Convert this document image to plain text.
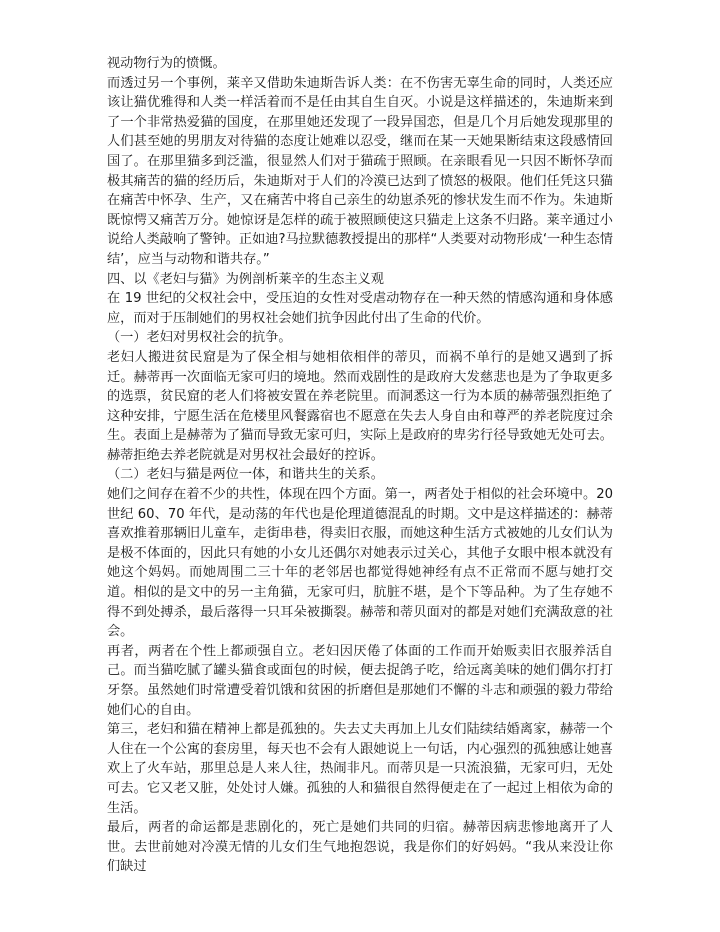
视动物行为的愤慨。

而透过另一个事例，莱辛又借助朱迪斯告诉人类：在不伤害无辜生命的同时，人类还应该让猫优雅得和人类一样活着而不是任由其自生自灭。小说是这样描述的，朱迪斯来到了一个非常热爱猫的国度，在那里她还发现了一段异国恋，但是几个月后她发现那里的人们甚至她的男朋友对待猫的态度让她难以忍受，继而在某一天她果断结束这段感情回国了。在那里猫多到泛滥，很显然人们对于猫疏于照顾。在亲眼看见一只因不断怀孕而极其痛苦的猫的经历后，朱迪斯对于人们的冷漠已达到了愤怒的极限。他们任凭这只猫在痛苦中怀孕、生产，又在痛苦中将自己亲生的幼崽杀死的惨状发生而不作为。朱迪斯既惊愕又痛苦万分。她惊讶是怎样的疏于被照顾使这只猫走上这条不归路。莱辛通过小说给人类敲响了警钟。正如迪?马拉默德教授提出的那样“人类要对动物形成‘一种生态情结’，应当与动物和谐共存。”

四、以《老妇与猫》为例剖析莱辛的生态主义观

在 19 世纪的父权社会中，受压迫的女性对受虐动物存在一种天然的情感沟通和身体感应，而对于压制她们的男权社会她们抗争因此付出了生命的代价。

（一）老妇对男权社会的抗争。

老妇人搬进贫民窟是为了保全相与她相依相伴的蒂贝，而祸不单行的是她又遇到了拆迁。赫蒂再一次面临无家可归的境地。然而戏剧性的是政府大发慈悲也是为了争取更多的选票，贫民窟的老人们将被安置在养老院里。而洞悉这一行为本质的赫蒂强烈拒绝了这种安排，宁愿生活在危楼里风餐露宿也不愿意在失去人身自由和尊严的养老院度过余生。表面上是赫蒂为了猫而导致无家可归，实际上是政府的卑劣行径导致她无处可去。赫蒂拒绝去养老院就是对男权社会最好的控诉。

（二）老妇与猫是两位一体，和谐共生的关系。

她们之间存在着不少的共性，体现在四个方面。第一，两者处于相似的社会环境中。20 世纪 60、70 年代，是动荡的年代也是伦理道德混乱的时期。文中是这样描述的：赫蒂喜欢推着那辆旧儿童车，走街串巷，得卖旧衣服，而她这种生活方式被她的儿女们认为是极不体面的，因此只有她的小女儿还偶尔对她表示过关心，其他子女眼中根本就没有她这个妈妈。而她周围二三十年的老邻居也都觉得她神经有点不正常而不愿与她打交道。相似的是文中的另一主角猫，无家可归，肮脏不堪，是个下等品种。为了生存她不得不到处搏杀，最后落得一只耳朵被撕裂。赫蒂和蒂贝面对的都是对她们充满敌意的社会。

再者，两者在个性上都顽强自立。老妇因厌倦了体面的工作而开始贩卖旧衣服养活自己。而当猫吃腻了罐头猫食或面包的时候，便去捉鸽子吃，给远离美味的她们偶尔打打牙祭。虽然她们时常遭受着饥饿和贫困的折磨但是那她们不懈的斗志和顽强的毅力带给她们心的自由。

第三，老妇和猫在精神上都是孤独的。失去丈夫再加上儿女们陆续结婚离家，赫蒂一个人住在一个公寓的套房里，每天也不会有人跟她说上一句话，内心强烈的孤独感让她喜欢上了火车站，那里总是人来人往，热闹非凡。而蒂贝是一只流浪猫，无家可归，无处可去。它又老又脏，处处讨人嫌。孤独的人和猫很自然得便走在了一起过上相依为命的生活。

最后，两者的命运都是悲剧化的，死亡是她们共同的归宿。赫蒂因病悲惨地离开了人世。去世前她对冷漠无情的儿女们生气地抱怨说，我是你们的好妈妈。“我从来没让你们缺过
